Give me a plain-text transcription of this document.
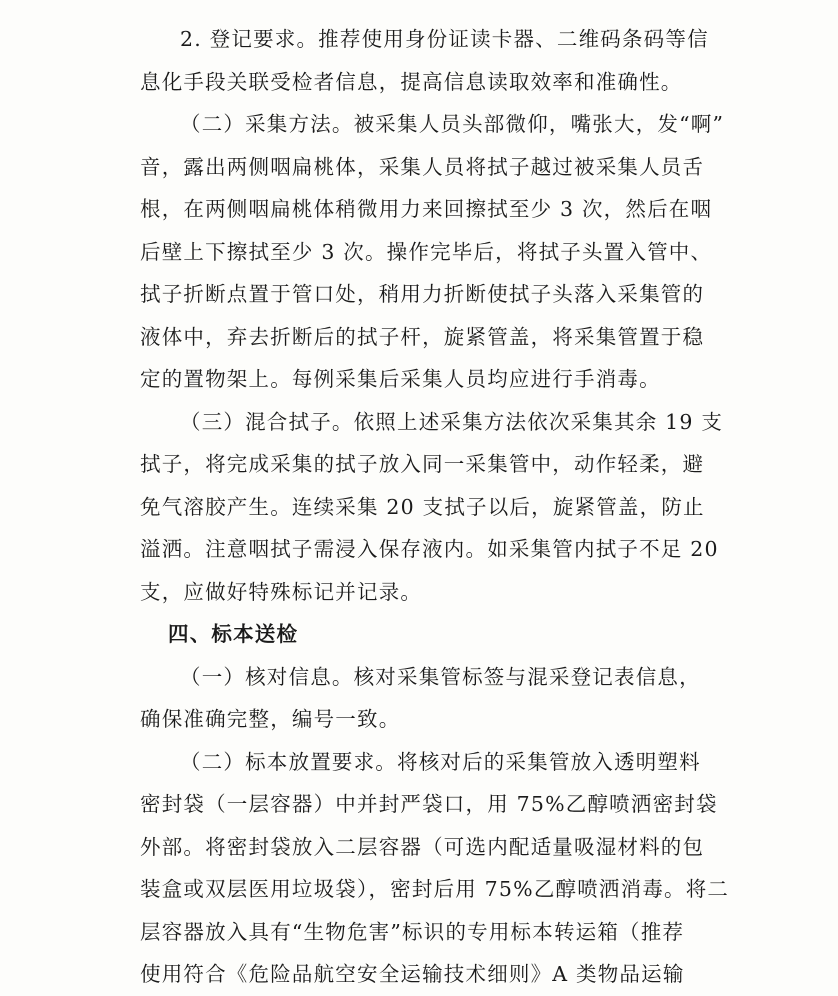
2. 登记要求。推荐使用身份证读卡器、二维码条码等信
息化手段关联受检者信息，提高信息读取效率和准确性。
（二）采集方法。被采集人员头部微仰，嘴张大，发“啊”
音，露出两侧咽扁桃体，采集人员将拭子越过被采集人员舌
根，在两侧咽扁桃体稍微用力来回擦拭至少 3 次，然后在咽
后壁上下擦拭至少 3 次。操作完毕后，将拭子头置入管中、
拭子折断点置于管口处，稍用力折断使拭子头落入采集管的
液体中，弃去折断后的拭子杆，旋紧管盖，将采集管置于稳
定的置物架上。每例采集后采集人员均应进行手消毒。
（三）混合拭子。依照上述采集方法依次采集其余 19 支
拭子，将完成采集的拭子放入同一采集管中，动作轻柔，避
免气溶胶产生。连续采集 20 支拭子以后，旋紧管盖，防止
溢洒。注意咽拭子需浸入保存液内。如采集管内拭子不足 20
支，应做好特殊标记并记录。
四、标本送检
（一）核对信息。核对采集管标签与混采登记表信息，
确保准确完整，编号一致。
（二）标本放置要求。将核对后的采集管放入透明塑料
密封袋（一层容器）中并封严袋口，用 75%乙醇喷洒密封袋
外部。将密封袋放入二层容器（可选内配适量吸湿材料的包
装盒或双层医用垃圾袋），密封后用 75%乙醇喷洒消毒。将二
层容器放入具有“生物危害”标识的专用标本转运箱（推荐
使用符合《危险品航空安全运输技术细则》A 类物品运输
